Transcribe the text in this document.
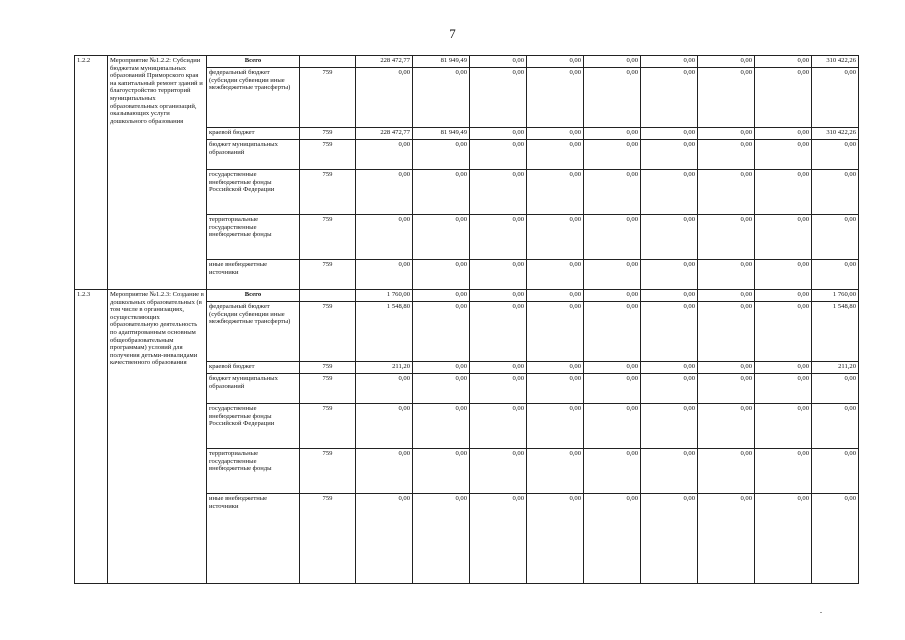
7
1.2.2	Мероприятие №1.2.2: Субсидии бюджетам муниципальных образований Приморского края на капитальный ремонт зданий и благоустройство территорий муниципальных образовательных организаций, оказывающих услуги дошкольного образования	Всего		228 472,77	81 949,49	0,00	0,00	0,00	0,00	0,00	0,00	310 422,26
		федеральный бюджет (субсидии субвенции иные межбюджетные трансферты)	759	0,00	0,00	0,00	0,00	0,00	0,00	0,00	0,00	0,00
		краевой бюджет	759	228 472,77	81 949,49	0,00	0,00	0,00	0,00	0,00	0,00	310 422,26
		бюджет муниципальных образований	759	0,00	0,00	0,00	0,00	0,00	0,00	0,00	0,00	0,00
		государственные внебюджетные фонды Российской Федерации	759	0,00	0,00	0,00	0,00	0,00	0,00	0,00	0,00	0,00
		территориальные государственные внебюджетные фонды	759	0,00	0,00	0,00	0,00	0,00	0,00	0,00	0,00	0,00
		иные внебюджетные источники	759	0,00	0,00	0,00	0,00	0,00	0,00	0,00	0,00	0,00
1.2.3	Мероприятие №1.2.3: Создание в дошкольных образовательных (в том числе в организациях, осуществляющих образовательную деятельность по адаптированным основным общеобразовательным программам) условий для получения детьми-инвалидами качественного образования	Всего		1 760,00	0,00	0,00	0,00	0,00	0,00	0,00	0,00	1 760,00
		федеральный бюджет (субсидии субвенции иные межбюджетные трансферты)	759	1 548,80	0,00	0,00	0,00	0,00	0,00	0,00	0,00	1 548,80
		краевой бюджет	759	211,20	0,00	0,00	0,00	0,00	0,00	0,00	0,00	211,20
		бюджет муниципальных образований	759	0,00	0,00	0,00	0,00	0,00	0,00	0,00	0,00	0,00
		государственные внебюджетные фонды Российской Федерации	759	0,00	0,00	0,00	0,00	0,00	0,00	0,00	0,00	0,00
		территориальные государственные внебюджетные фонды	759	0,00	0,00	0,00	0,00	0,00	0,00	0,00	0,00	0,00
		иные внебюджетные источники	759	0,00	0,00	0,00	0,00	0,00	0,00	0,00	0,00	0,00
